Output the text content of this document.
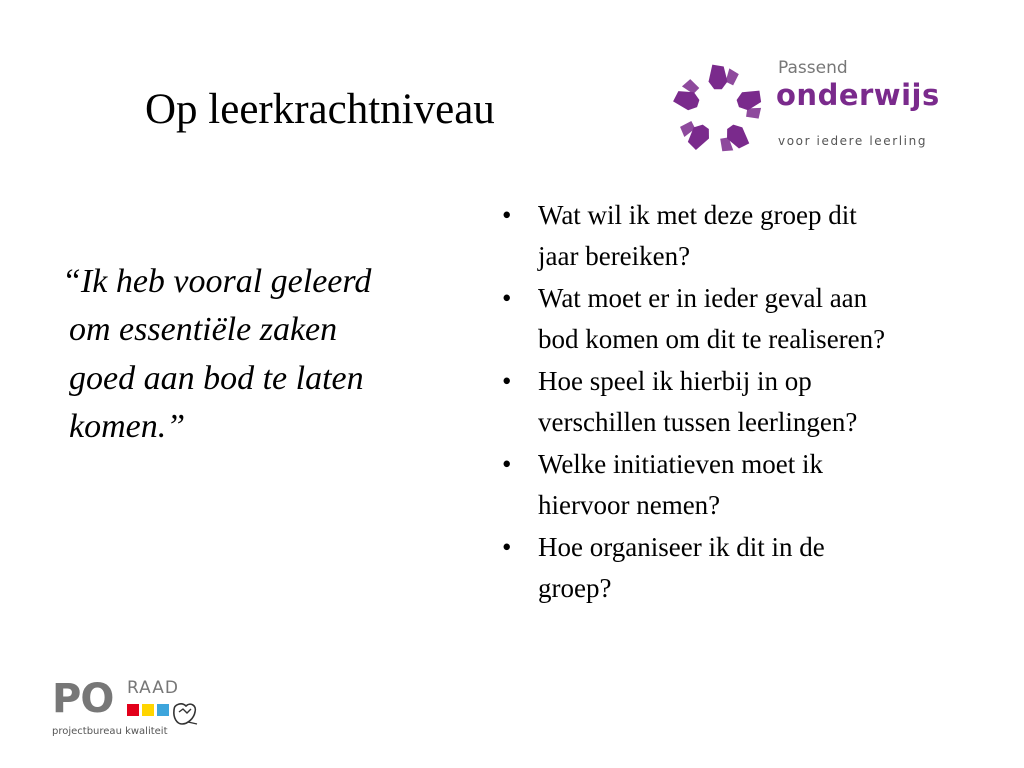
Op leerkrachtniveau
Passend
onderwijs
voor iedere leerling

“Ik heb vooral geleerd
om essentiële zaken
goed aan bod te laten
komen.”

• Wat wil ik met deze groep dit
jaar bereiken?
• Wat moet er in ieder geval aan
bod komen om dit te realiseren?
• Hoe speel ik hierbij in op
verschillen tussen leerlingen?
• Welke initiatieven moet ik
hiervoor nemen?
• Hoe organiseer ik dit in de
groep?
PO RAAD
projectbureau kwaliteit
